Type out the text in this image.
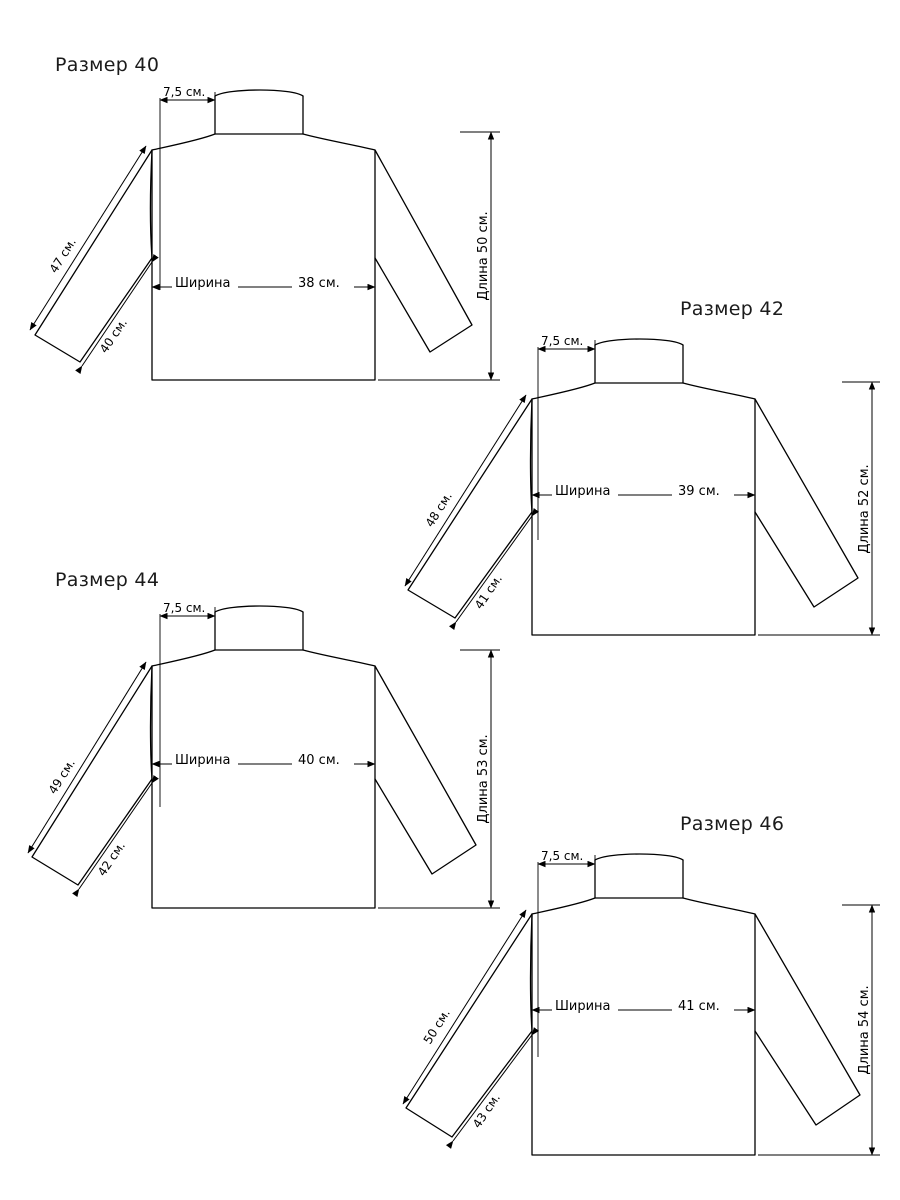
Размер 40
7,5 см.
47 см.
40 см.
Ширина	38 см.	Длина 50 см.
Размер 42
7,5 см.
48 см.
41 см.
Ширина	39 см.	Длина 52 см.
Размер 44
7,5 см.
49 см.
42 см.
Ширина	40 см.	Длина 53 см.
Размер 46
7,5 см.
50 см.
43 см.
Ширина	41 см.	Длина 54 см.
